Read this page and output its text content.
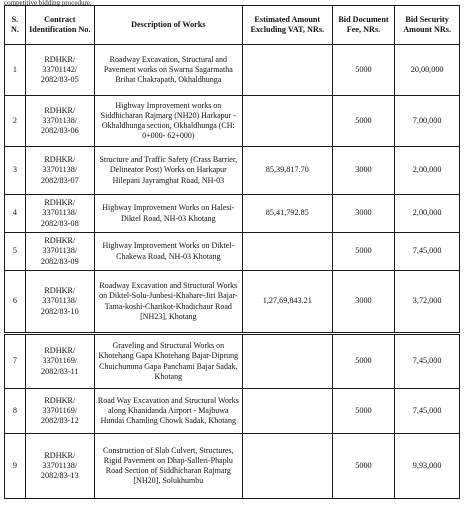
competitive bidding procedure.
S. N.	Contract Identification No.	Description of Works	Estimated Amount Excluding VAT, NRs.	Bid Document Fee, NRs.	Bid Security Amount NRs.
1	RDHKR/
33701142/
2082/83-05	Roadway Excavation, Structural and Pavement works on Swarna Sagarmatha Brihat Chakrapath, Okhaldhunga		5000	20,00,000
2	RDHKR/
33701138/
2082/83-06	Highway Improvement works on Siddhicharan Rajmarg (NH20) Harkapur - Okhaldhunga section, Okhaldhunga (CH: 0+000- 62+000)		5000	7,00,000
3	RDHKR/
33701138/
2082/83-07	Structure and Traffic Safety (Crass Barrier, Delineator Post) Works on Harkapur Hilepani Jayramghat Road, NH-03	85,39,817.70	3000	2,00,000
4	RDHKR/
33701138/
2082/83-08	Highway Improvement Works on Halesi-Diktel Road, NH-03 Khotang	85,41,792.85	3000	2,00,000
5	RDHKR/
33701138/
2082/83-09	Highway Improvement Works on Diktel-Chakewa Road, NH-03 Khotang		5000	7,45,000
6	RDHKR/
33701138/
2082/83-10	Roadway Excavation and Structural Works on Diktel-Solu-Junbesi-Khahare-Jiri Bajar-Tama-koshi-Charikot-Khadichaur Road [NH23], Khotang	1,27,69,843.21	3000	3,72,000
7	RDHKR/
33701169/
2082/83-11	Graveling and Structural Works on Khotehang Gapa Khotehang Bajar-Diprung Chuichumma Gapa Panchami Bajar Sadak, Khotang		5000	7,45,000
8	RDHKR/
33701169/
2082/83-12	Road Way Excavation and Structural Works along Khanidanda Airport - Majhuwa Hundai Chamling Chowk Sadak, Khotang		5000	7,45,000
9	RDHKR/
33701138/
2082/83-13	Construction of Slab Culvert, Structures, Rigid Pavement on Dhap-Salleri-Phaplu Road Section of Siddhicharan Rajmarg [NH20], Solukhumbu		5000	9,93,000
